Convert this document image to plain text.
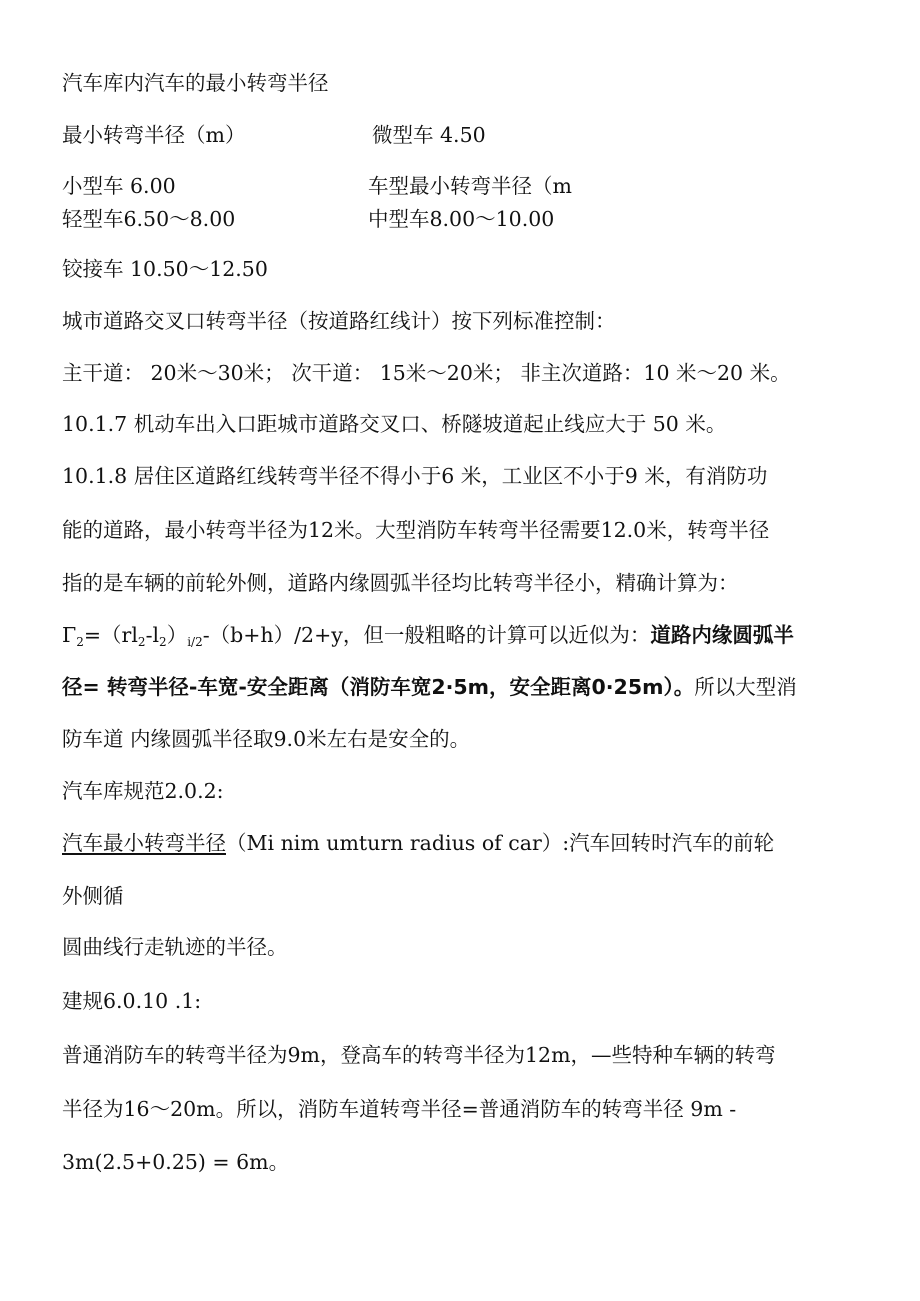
汽车库内汽车的最小转弯半径
最小转弯半径（m）	微型车 4.50
小型车 6.00	车型最小转弯半径（m
轻型车6.50～8.00	中型车8.00～10.00
铰接车 10.50～12.50
城市道路交叉口转弯半径（按道路红线计）按下列标准控制：
主干道： 20米～30米； 次干道： 15米～20米； 非主次道路：10 米～20 米。
10.1.7 机动车出入口距城市道路交叉口、桥隧坡道起止线应大于 50 米。
10.1.8 居住区道路红线转弯半径不得小于6 米，工业区不小于9 米，有消防功
能的道路，最小转弯半径为12米。大型消防车转弯半径需要12.0米，转弯半径
指的是车辆的前轮外侧，道路内缘圆弧半径均比转弯半径小，精确计算为：
$\Gamma_2=(rl_2-l_2)_{i/2}-(b+h)/2+y$，但一般粗略的计算可以近似为：道路内缘圆弧半
径= 转弯半径-车宽-安全距离（消防车宽2·5m，安全距离0·25m）。所以大型消
防车道 内缘圆弧半径取9.0米左右是安全的。
汽车库规范2.0.2:
汽车最小转弯半径（Mi nim umturn radius of car）:汽车回转时汽车的前轮
外侧循
圆曲线行走轨迹的半径。
建规6.0.10 .1:
普通消防车的转弯半径为9m，登高车的转弯半径为12m，—些特种车辆的转弯
半径为16～20m。所以，消防车道转弯半径=普通消防车的转弯半径 9m -
3m(2.5+0.25) = 6m。
